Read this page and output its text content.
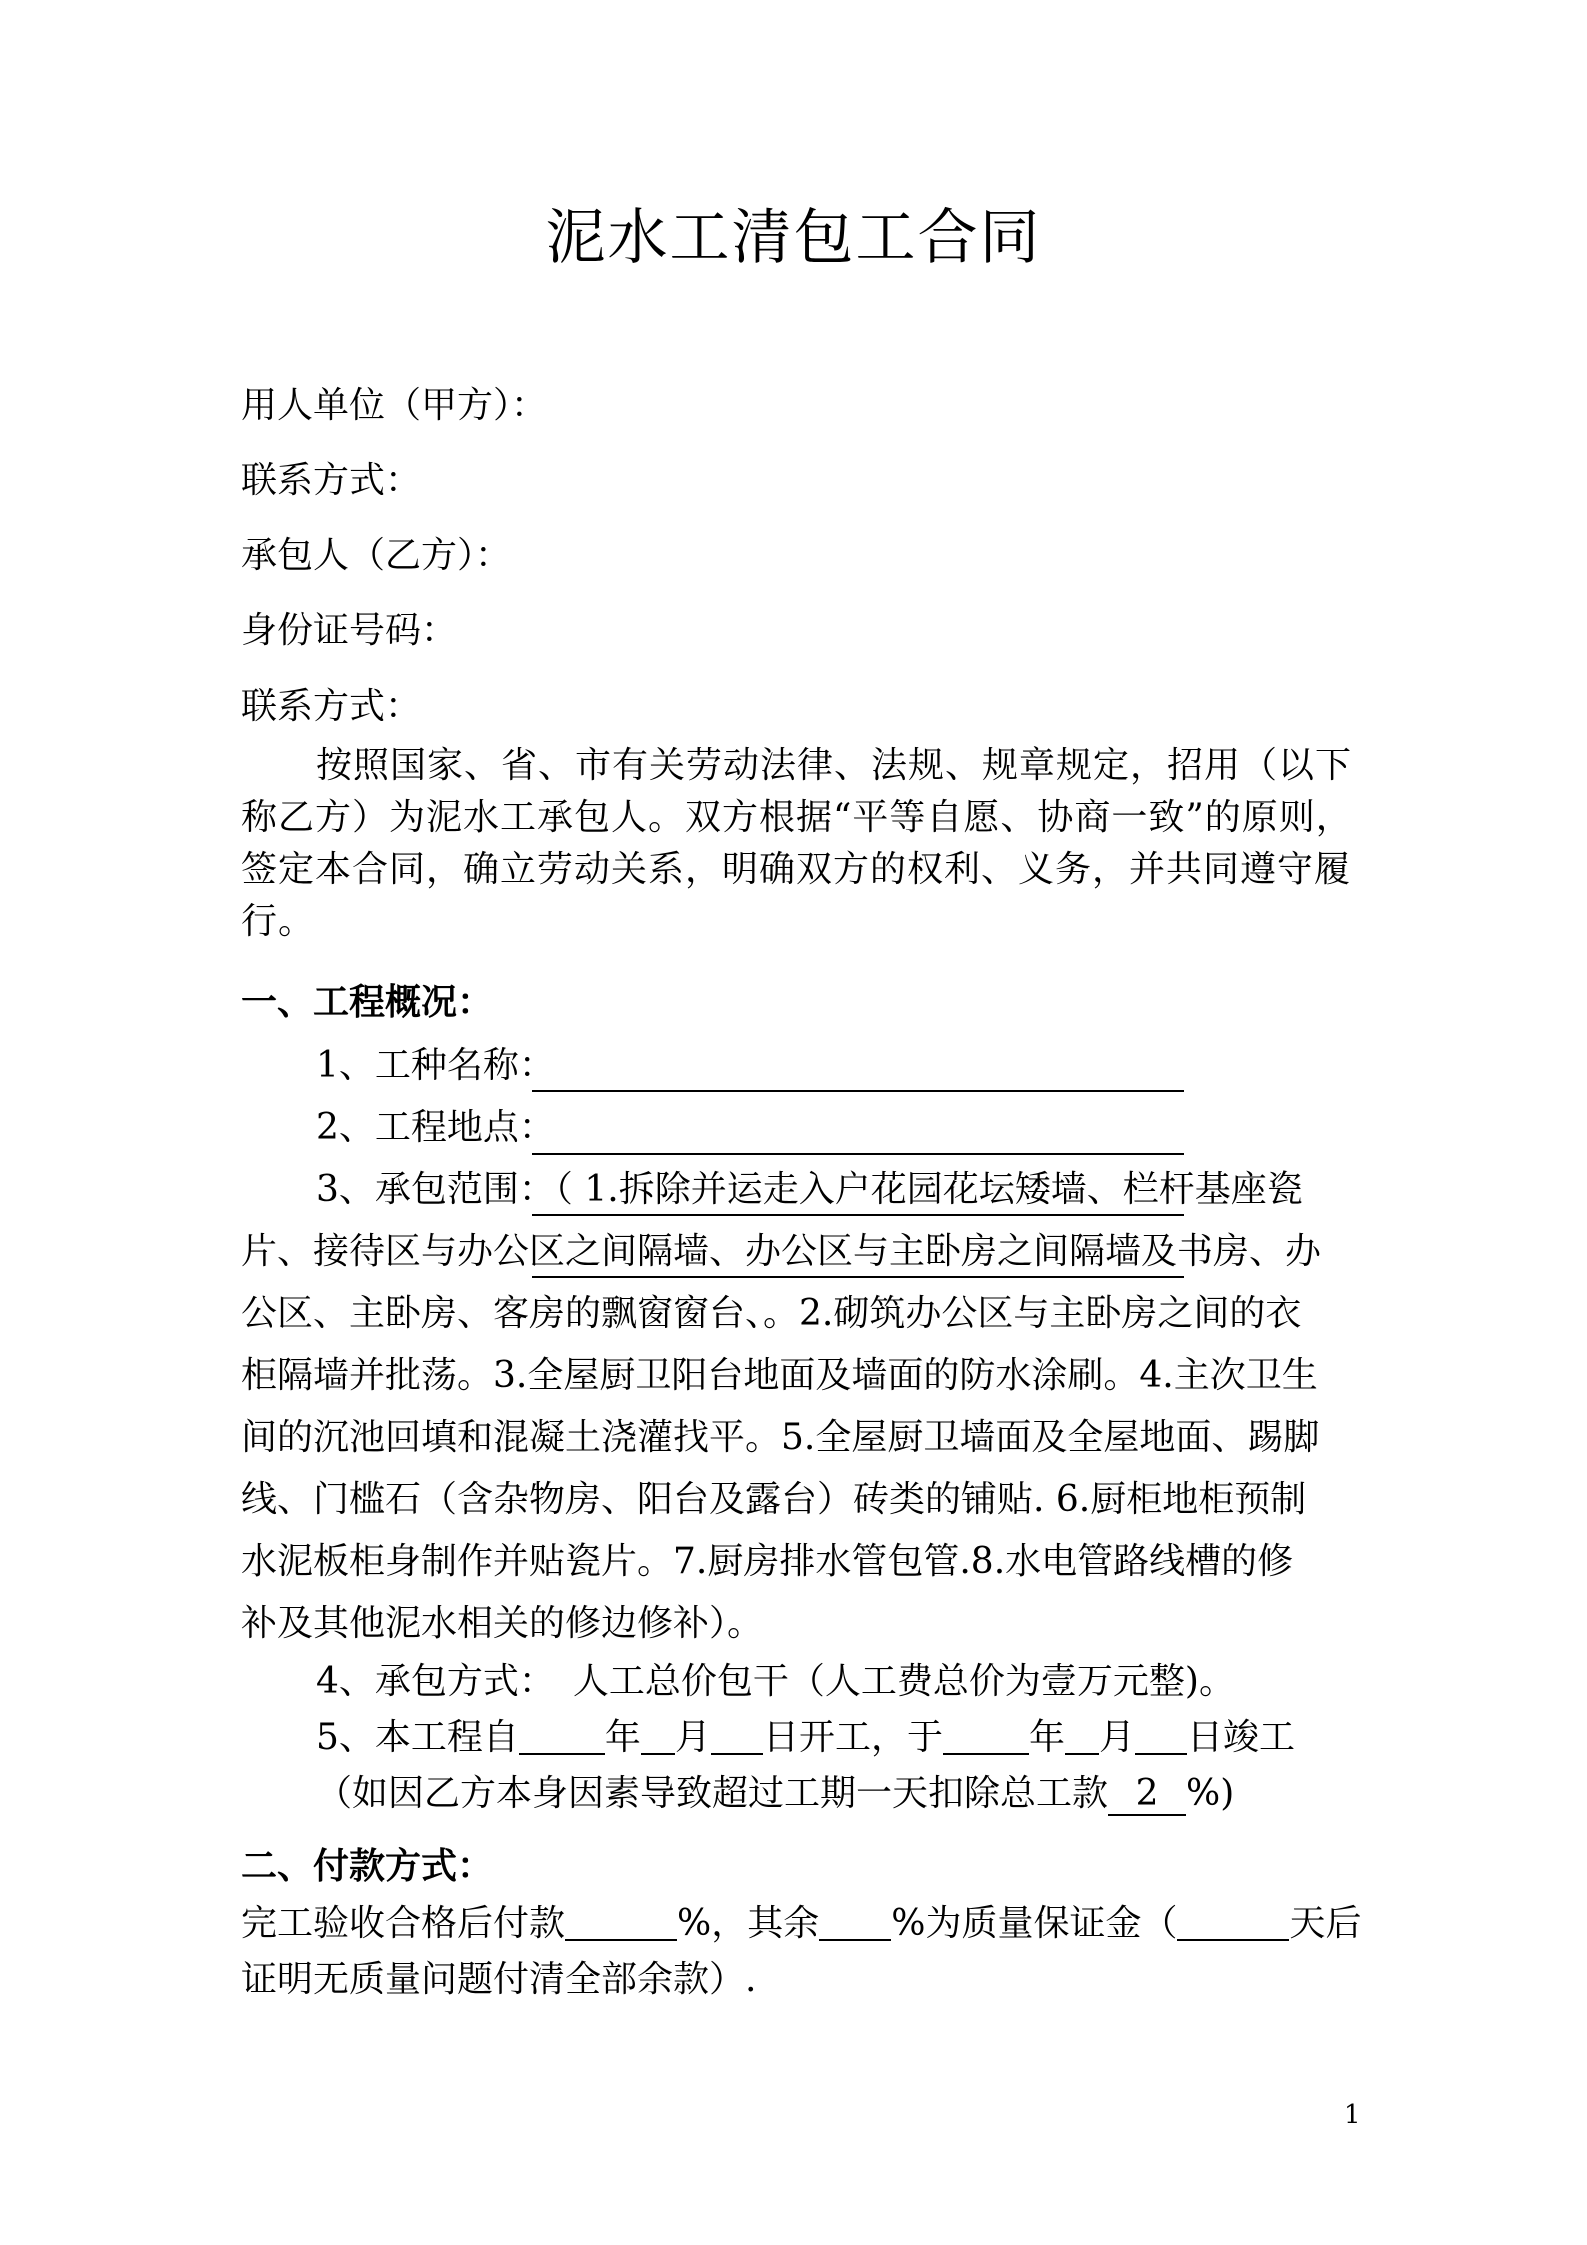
泥水工清包工合同
用人单位（甲方）：
联系方式：
承包人（乙方）：
身份证号码：
联系方式：
按照国家、省、市有关劳动法律、法规、规章规定，招用（以下称乙方）为泥水工承包人。双方根据“平等自愿、协商一致”的原则，签定本合同，确立劳动关系，明确双方的权利、义务，并共同遵守履行。
一、工程概况：
1、工种名称：
2、工程地点：
3、承包范围：（ 1.拆除并运走入户花园花坛矮墙、栏杆基座瓷
片、接待区与办公区之间隔墙、办公区与主卧房之间隔墙及书房、办
公区、主卧房、客房的飘窗窗台、。2.砌筑办公区与主卧房之间的衣
柜隔墙并批荡。3.全屋厨卫阳台地面及墙面的防水涂刷。4.主次卫生
间的沉池回填和混凝土浇灌找平。5.全屋厨卫墙面及全屋地面、踢脚
线、门槛石（含杂物房、阳台及露台）砖类的铺贴. 6.厨柜地柜预制
水泥板柜身制作并贴瓷片。7.厨房排水管包管.8.水电管路线槽的修
补及其他泥水相关的修边修补）。
4、承包方式：　人工总价包干（人工费总价为壹万元整)。
5、本工程自 年 月 日开工，于 年 月 日竣工
（如因乙方本身因素导致超过工期一天扣除总工款 2 %)
二、付款方式：
完工验收合格后付款	%，其余 %为质量保证金（	天后
证明无质量问题付清全部余款）.
1
